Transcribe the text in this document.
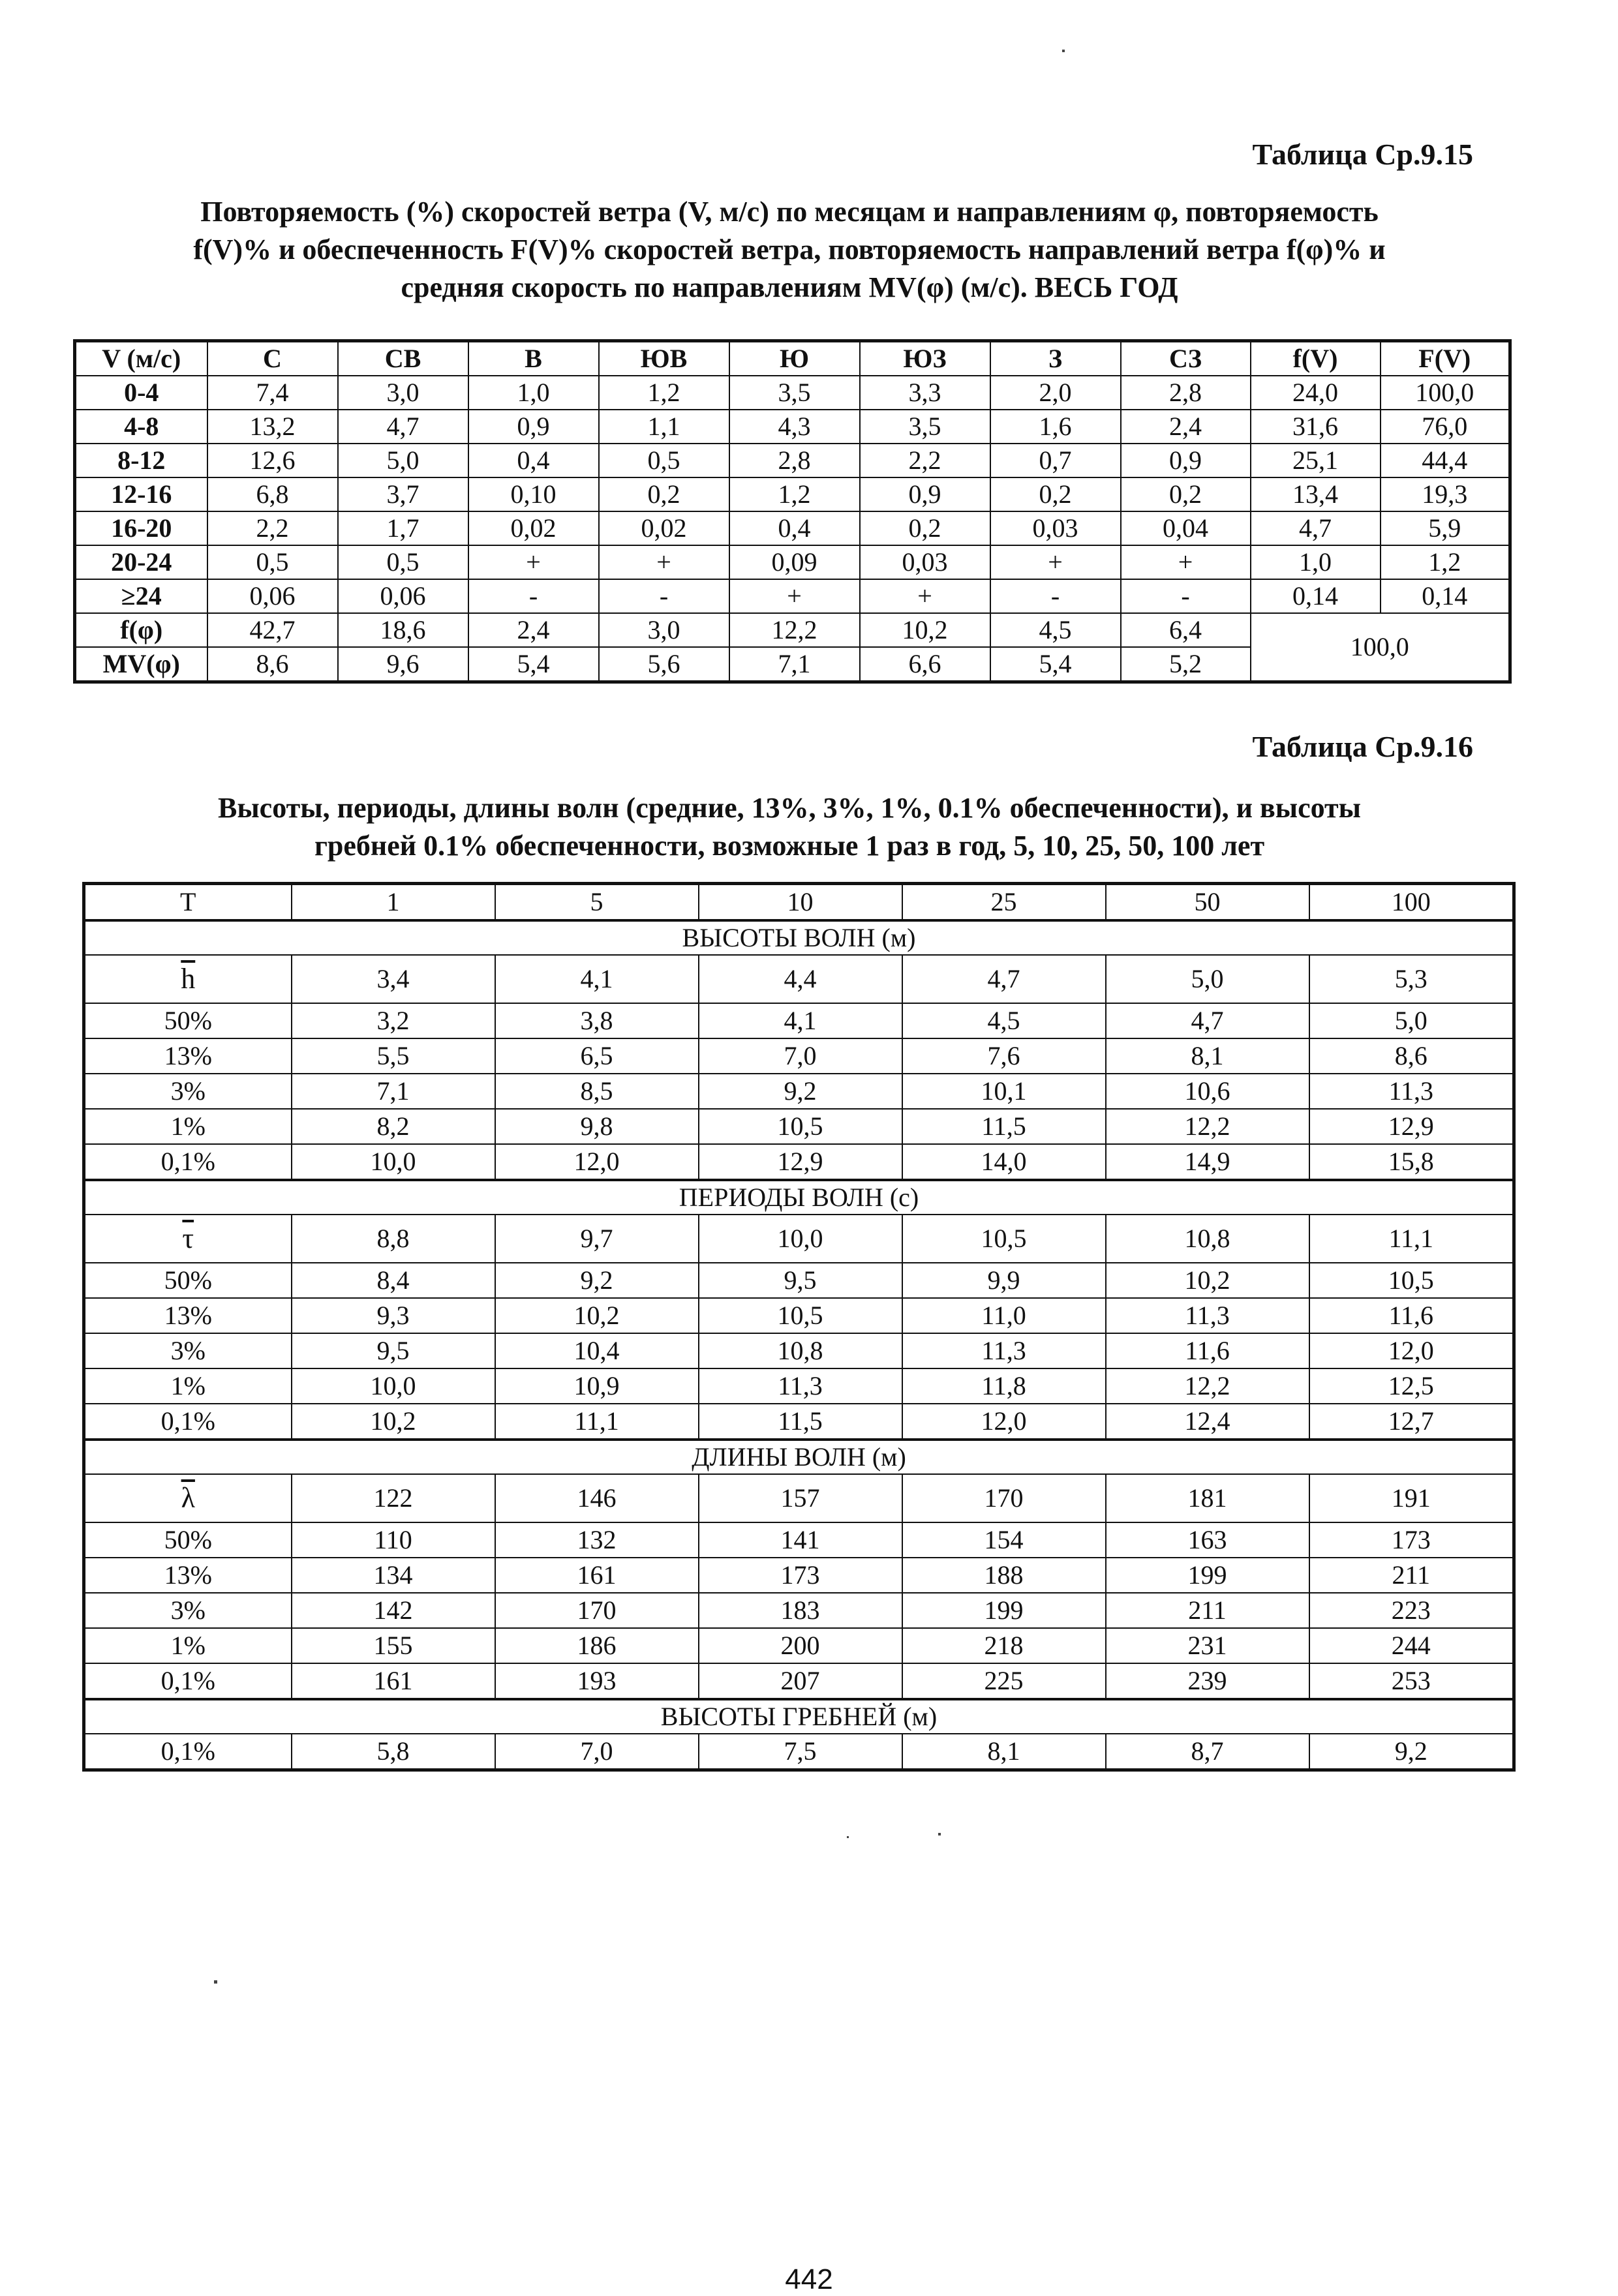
Таблица Ср.9.15
Повторяемость (%) скоростей ветра (V, м/с) по месяцам и направлениям φ, повторяемость
f(V)% и обеспеченность F(V)% скоростей ветра, повторяемость направлений ветра f(φ)% и
средняя скорость по направлениям MV(φ) (м/с). ВЕСЬ ГОД
V (м/с)	С	СВ	В	ЮВ	Ю	ЮЗ	З	СЗ	f(V)	F(V)
0-4	7,4	3,0	1,0	1,2	3,5	3,3	2,0	2,8	24,0	100,0
4-8	13,2	4,7	0,9	1,1	4,3	3,5	1,6	2,4	31,6	76,0
8-12	12,6	5,0	0,4	0,5	2,8	2,2	0,7	0,9	25,1	44,4
12-16	6,8	3,7	0,10	0,2	1,2	0,9	0,2	0,2	13,4	19,3
16-20	2,2	1,7	0,02	0,02	0,4	0,2	0,03	0,04	4,7	5,9
20-24	0,5	0,5	+	+	0,09	0,03	+	+	1,0	1,2
≥24	0,06	0,06	-	-	+	+	-	-	0,14	0,14
f(φ)	42,7	18,6	2,4	3,0	12,2	10,2	4,5	6,4	100,0	
MV(φ)	8,6	9,6	5,4	5,6	7,1	6,6	5,4	5,2		
Таблица Ср.9.16
Высоты, периоды, длины волн (средние, 13%, 3%, 1%, 0.1% обеспеченности), и высоты
гребней 0.1% обеспеченности, возможные 1 раз в год, 5, 10, 25, 50, 100 лет
T	1	5	10	25	50	100
ВЫСОТЫ ВОЛН (м)						
$\overline{h}$	3,4	4,1	4,4	4,7	5,0	5,3
50%	3,2	3,8	4,1	4,5	4,7	5,0
13%	5,5	6,5	7,0	7,6	8,1	8,6
3%	7,1	8,5	9,2	10,1	10,6	11,3
1%	8,2	9,8	10,5	11,5	12,2	12,9
0,1%	10,0	12,0	12,9	14,0	14,9	15,8
ПЕРИОДЫ ВОЛН (с)						
$\overline{\tau}$	8,8	9,7	10,0	10,5	10,8	11,1
50%	8,4	9,2	9,5	9,9	10,2	10,5
13%	9,3	10,2	10,5	11,0	11,3	11,6
3%	9,5	10,4	10,8	11,3	11,6	12,0
1%	10,0	10,9	11,3	11,8	12,2	12,5
0,1%	10,2	11,1	11,5	12,0	12,4	12,7
ДЛИНЫ ВОЛН (м)						
$\overline{\lambda}$	122	146	157	170	181	191
50%	110	132	141	154	163	173
13%	134	161	173	188	199	211
3%	142	170	183	199	211	223
1%	155	186	200	218	231	244
0,1%	161	193	207	225	239	253
ВЫСОТЫ ГРЕБНЕЙ (м)						
0,1%	5,8	7,0	7,5	8,1	8,7	9,2
442
